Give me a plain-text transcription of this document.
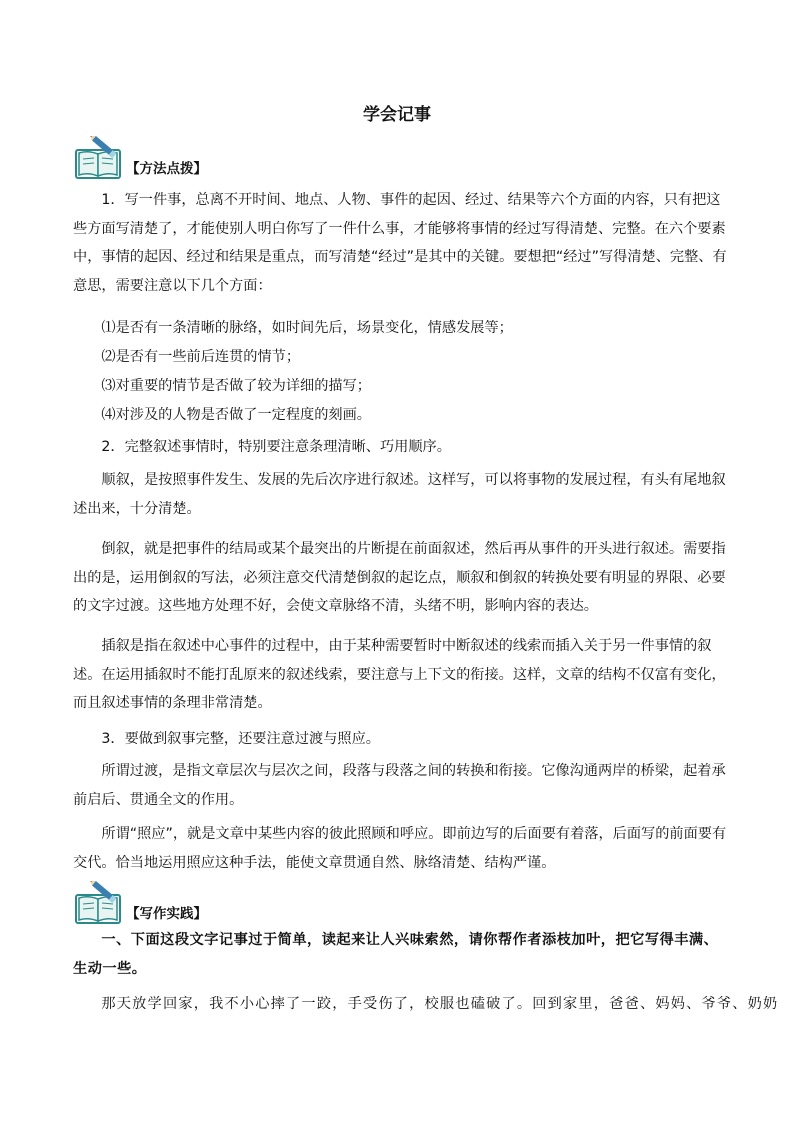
学会记事
【方法点拨】

1．写一件事，总离不开时间、地点、人物、事件的起因、经过、结果等六个方面的内容，只有把这些方面写清楚了，才能使别人明白你写了一件什么事，才能够将事情的经过写得清楚、完整。在六个要素中，事情的起因、经过和结果是重点，而写清楚“经过”是其中的关键。要想把“经过”写得清楚、完整、有意思，需要注意以下几个方面：

⑴是否有一条清晰的脉络，如时间先后，场景变化，情感发展等；

⑵是否有一些前后连贯的情节；

⑶对重要的情节是否做了较为详细的描写；

⑷对涉及的人物是否做了一定程度的刻画。

2．完整叙述事情时，特别要注意条理清晰、巧用顺序。

顺叙，是按照事件发生、发展的先后次序进行叙述。这样写，可以将事物的发展过程，有头有尾地叙述出来，十分清楚。

倒叙，就是把事件的结局或某个最突出的片断提在前面叙述，然后再从事件的开头进行叙述。需要指出的是，运用倒叙的写法，必须注意交代清楚倒叙的起讫点，顺叙和倒叙的转换处要有明显的界限、必要的文字过渡。这些地方处理不好，会使文章脉络不清，头绪不明，影响内容的表达。

插叙是指在叙述中心事件的过程中，由于某种需要暂时中断叙述的线索而插入关于另一件事情的叙述。在运用插叙时不能打乱原来的叙述线索，要注意与上下文的衔接。这样，文章的结构不仅富有变化，而且叙述事情的条理非常清楚。

3．要做到叙事完整，还要注意过渡与照应。

所谓过渡，是指文章层次与层次之间，段落与段落之间的转换和衔接。它像沟通两岸的桥梁，起着承前启后、贯通全文的作用。

所谓“照应”，就是文章中某些内容的彼此照顾和呼应。即前边写的后面要有着落，后面写的前面要有交代。恰当地运用照应这种手法，能使文章贯通自然、脉络清楚、结构严谨。

【写作实践】

一、下面这段文字记事过于简单，读起来让人兴味索然，请你帮作者添枝加叶，把它写得丰满、生动一些。

那天放学回家，我不小心摔了一跤，手受伤了，校服也磕破了。回到家里，爸爸、妈妈、爷爷、奶奶
